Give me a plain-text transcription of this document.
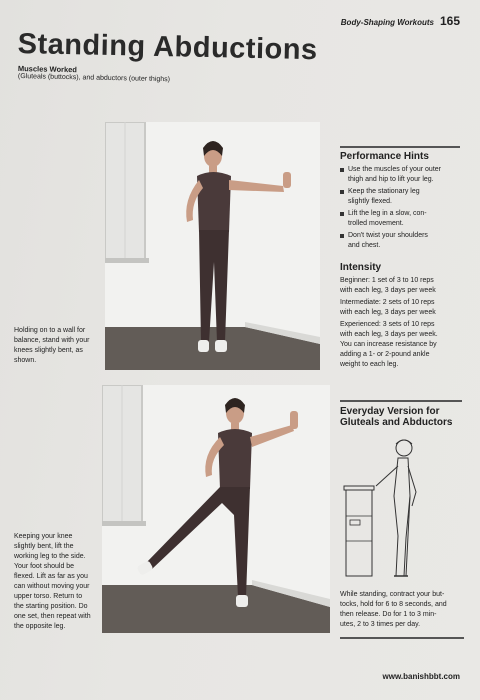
Body-Shaping Workouts 165
Standing Abductions
Muscles Worked
(Gluteals (buttocks), and abductors (outer thighs)
Holding on to a wall for
balance, stand with your
knees slightly bent, as
shown.
Keeping your knee
slightly bent, lift the
working leg to the side.
Your foot should be
flexed. Lift as far as you
can without moving your
upper torso. Return to
the starting position. Do
one set, then repeat with
the opposite leg.
Performance Hints
Use the muscles of your outer
thigh and hip to lift your leg.
Keep the stationary leg
slightly flexed.
Lift the leg in a slow, con-
trolled movement.
Don't twist your shoulders
and chest.
Intensity
Beginner: 1 set of 3 to 10 reps
with each leg, 3 days per week
Intermediate: 2 sets of 10 reps
with each leg, 3 days per week
Experienced: 3 sets of 10 reps
with each leg, 3 days per week.
You can increase resistance by
adding a 1- or 2-pound ankle
weight to each leg.
Everyday Version for
Gluteals and Abductors
While standing, contract your but-
tocks, hold for 6 to 8 seconds, and
then release. Do for 1 to 3 min-
utes, 2 to 3 times per day.
www.banishbbt.com
